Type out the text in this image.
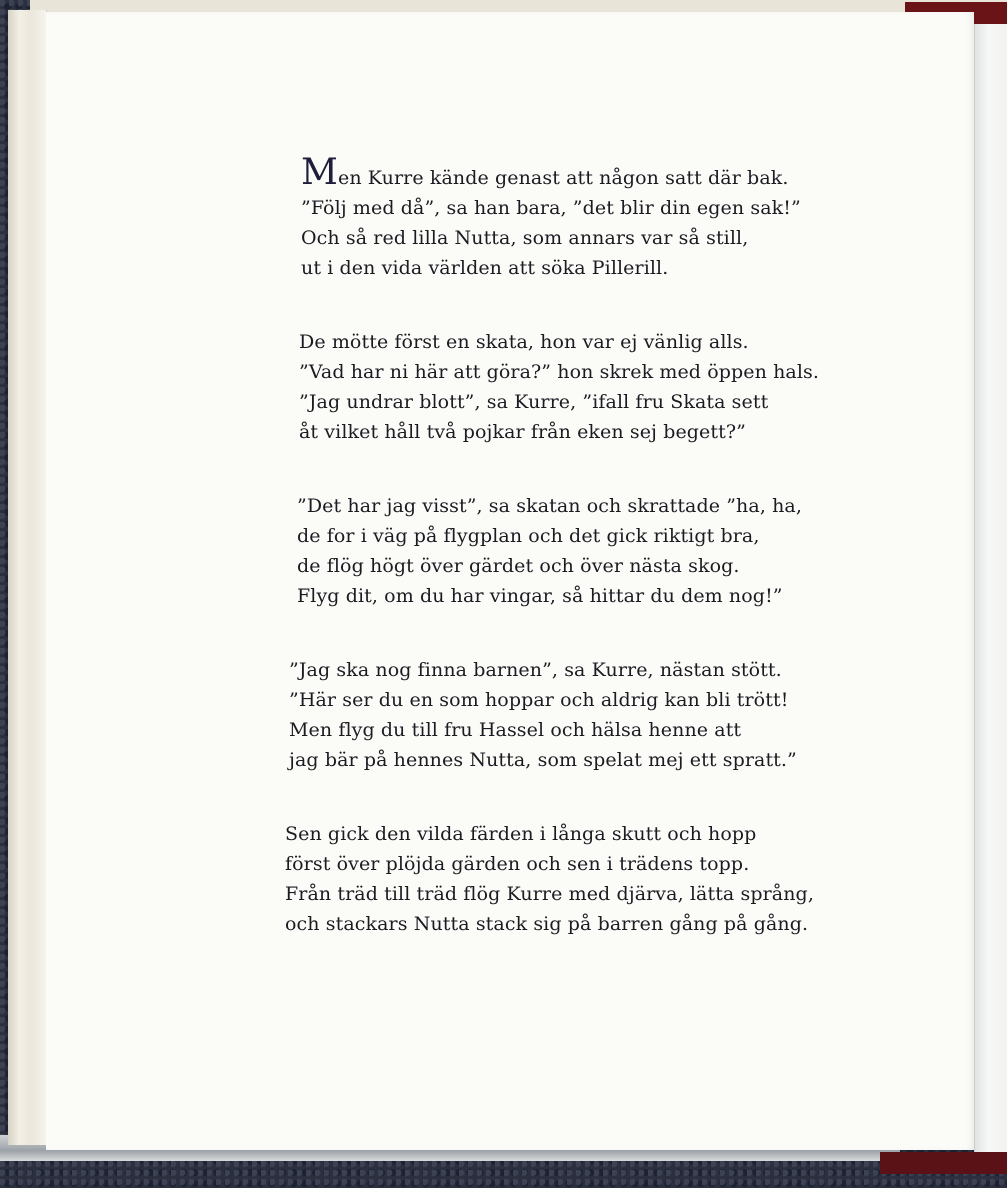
Men Kurre kände genast att någon satt där bak.
”Följ med då”, sa han bara, ”det blir din egen sak!”
Och så red lilla Nutta, som annars var så still,
ut i den vida världen att söka Pillerill.
De mötte först en skata, hon var ej vänlig alls.
”Vad har ni här att göra?” hon skrek med öppen hals.
”Jag undrar blott”, sa Kurre, ”ifall fru Skata sett
åt vilket håll två pojkar från eken sej begett?”
”Det har jag visst”, sa skatan och skrattade ”ha, ha,
de for i väg på flygplan och det gick riktigt bra,
de flög högt över gärdet och över nästa skog.
Flyg dit, om du har vingar, så hittar du dem nog!”
”Jag ska nog finna barnen”, sa Kurre, nästan stött.
”Här ser du en som hoppar och aldrig kan bli trött!
Men flyg du till fru Hassel och hälsa henne att
jag bär på hennes Nutta, som spelat mej ett spratt.”
Sen gick den vilda färden i långa skutt och hopp
först över plöjda gärden och sen i trädens topp.
Från träd till träd flög Kurre med djärva, lätta språng,
och stackars Nutta stack sig på barren gång på gång.
